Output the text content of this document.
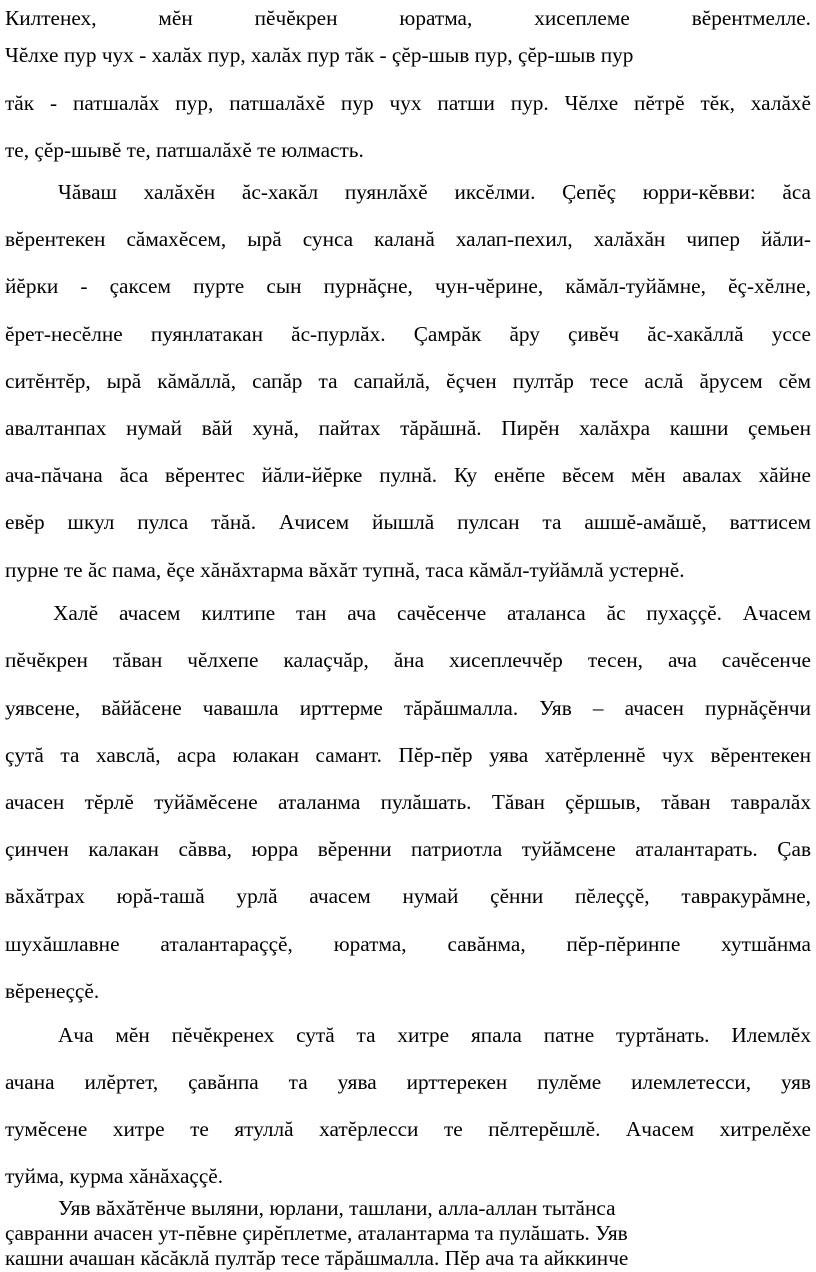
Килтенех, мĕн пĕчĕкрен юратма, хисеплеме вĕрентмелле.
Чĕлхе пур чух - халăх пур, халăх пур тăк - çĕр-шыв пур, çĕр-шыв пур
тăк - патшалăх пур, патшалăхĕ пур чух патши пур. Чĕлхе пĕтрĕ тĕк, халăхĕ
те, çĕр-шывĕ те, патшалăхĕ те юлмасть.
Чăваш халăхĕн ăс-хакăл пуянлăхĕ иксĕлми. Çепĕç юрри-кĕвви: ăса
вĕрентекен сăмахĕсем, ырă сунса каланă халап-пехил, халăхăн чипер йăли-
йĕрки - çаксем пурте сын пурнăçне, чун-чĕрине, кăмăл-туйăмне, ĕç-хĕлне,
ĕрет-несĕлне пуянлатакан ăс-пурлăх. Çамрăк ăру çивĕч ăс-хакăллă уссе
ситĕнтĕр, ырă кăмăллă, сапăр та сапайлă, ĕçчен пултăр тесе аслă ăрусем сĕм
авалтанпах нумай вăй хунă, пайтах тăрăшнă. Пирĕн халăхра кашни çемьен
ача-пăчана ăса вĕрентес йăли-йĕрке пулнă. Ку енĕпе вĕсем мĕн авалах хăйне
евĕр шкул пулса тăнă. Ачисем йышлă пулсан та ашшĕ-амăшĕ, ваттисем
пурне те ăс пама, ĕçе хăнăхтарма вăхăт тупнă, таса кăмăл-туйăмлă устернĕ.
Халĕ ачасем килтипе тан ача сачĕсенче аталанса ăс пухаççĕ. Ачасем
пĕчĕкрен тăван чĕлхепе калаçчăр, ăна хисеплеччĕр тесен, ача сачĕсенче
уявсене, вăйăсене чавашла ирттерме тăрăшмалла. Уяв – ачасен пурнăçĕнчи
çутă та хавслă, асра юлакан самант. Пĕр-пĕр уява хатĕрленнĕ чух вĕрентекен
ачасен тĕрлĕ туйăмĕсене аталанма пулăшать. Тăван çĕршыв, тăван тавралăх
çинчен калакан сăвва, юрра вĕренни патриотла туйăмсене аталантарать. Çав
вăхăтрах юрă-ташă урлă ачасем нумай çĕнни пĕлеççĕ, тавракурăмне,
шухăшлавне аталантараççĕ, юратма, савăнма, пĕр-пĕринпе хутшăнма
вĕренеççĕ.
Ача мĕн пĕчĕкренех сутă та хитре япала патне туртăнать. Илемлĕх
ачана илĕртет, çавăнпа та уява ирттерекен пулĕме илемлетесси, уяв
тумĕсене хитре те ятуллă хатĕрлесси те пĕлтерĕшлĕ. Ачасем хитрелĕхе
туйма, курма хăнăхаççĕ.
Уяв вăхăтĕнче выляни, юрлани, ташлани, алла-аллан тытăнса
çавранни ачасен ут-пĕвне çирĕплетме, аталантарма та пулăшать. Уяв
кашни ачашан кăсăклă пултăр тесе тăрăшмалла. Пĕр ача та айккинче
